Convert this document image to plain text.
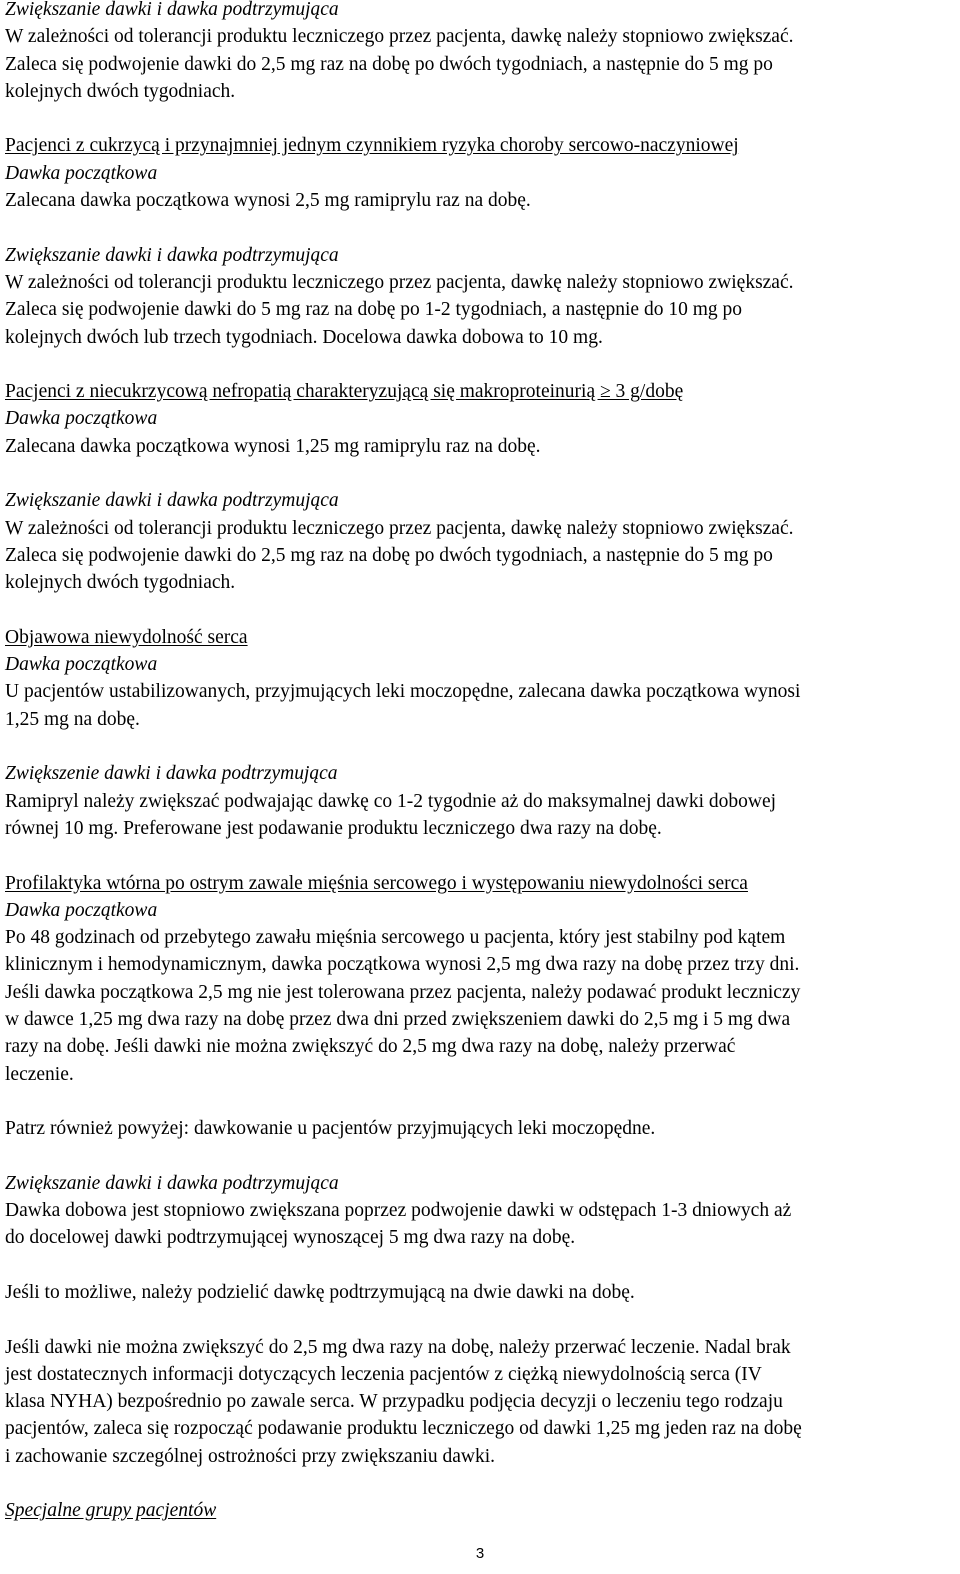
Zwiększanie dawki i dawka podtrzymująca

W zależności od tolerancji produktu leczniczego przez pacjenta, dawkę należy stopniowo zwiększać.

Zaleca się podwojenie dawki do 2,5 mg raz na dobę po dwóch tygodniach, a następnie do 5 mg po

kolejnych dwóch tygodniach.

Pacjenci z cukrzycą i przynajmniej jednym czynnikiem ryzyka choroby sercowo-naczyniowej

Dawka początkowa

Zalecana dawka początkowa wynosi 2,5 mg ramiprylu raz na dobę.

Zwiększanie dawki i dawka podtrzymująca

W zależności od tolerancji produktu leczniczego przez pacjenta, dawkę należy stopniowo zwiększać.

Zaleca się podwojenie dawki do 5 mg raz na dobę po 1-2 tygodniach, a następnie do 10 mg po

kolejnych dwóch lub trzech tygodniach. Docelowa dawka dobowa to 10 mg.

Pacjenci z niecukrzycową nefropatią charakteryzującą się makroproteinurią ≥ 3 g/dobę

Dawka początkowa

Zalecana dawka początkowa wynosi 1,25 mg ramiprylu raz na dobę.

Zwiększanie dawki i dawka podtrzymująca

W zależności od tolerancji produktu leczniczego przez pacjenta, dawkę należy stopniowo zwiększać.

Zaleca się podwojenie dawki do 2,5 mg raz na dobę po dwóch tygodniach, a następnie do 5 mg po

kolejnych dwóch tygodniach.

Objawowa niewydolność serca

Dawka początkowa

U pacjentów ustabilizowanych, przyjmujących leki moczopędne, zalecana dawka początkowa wynosi

1,25 mg na dobę.

Zwiększenie dawki i dawka podtrzymująca

Ramipryl należy zwiększać podwajając dawkę co 1-2 tygodnie aż do maksymalnej dawki dobowej

równej 10 mg. Preferowane jest podawanie produktu leczniczego dwa razy na dobę.

Profilaktyka wtórna po ostrym zawale mięśnia sercowego i występowaniu niewydolności serca

Dawka początkowa

Po 48 godzinach od przebytego zawału mięśnia sercowego u pacjenta, który jest stabilny pod kątem

klinicznym i hemodynamicznym, dawka początkowa wynosi 2,5 mg dwa razy na dobę przez trzy dni.

Jeśli dawka początkowa 2,5 mg nie jest tolerowana przez pacjenta, należy podawać produkt leczniczy

w dawce 1,25 mg dwa razy na dobę przez dwa dni przed zwiększeniem dawki do 2,5 mg i 5 mg dwa

razy na dobę. Jeśli dawki nie można zwiększyć do 2,5 mg dwa razy na dobę, należy przerwać

leczenie.

Patrz również powyżej: dawkowanie u pacjentów przyjmujących leki moczopędne.

Zwiększanie dawki i dawka podtrzymująca

Dawka dobowa jest stopniowo zwiększana poprzez podwojenie dawki w odstępach 1-3 dniowych aż

do docelowej dawki podtrzymującej wynoszącej 5 mg dwa razy na dobę.

Jeśli to możliwe, należy podzielić dawkę podtrzymującą na dwie dawki na dobę.

Jeśli dawki nie można zwiększyć do 2,5 mg dwa razy na dobę, należy przerwać leczenie. Nadal brak

jest dostatecznych informacji dotyczących leczenia pacjentów z ciężką niewydolnością serca (IV

klasa NYHA) bezpośrednio po zawale serca. W przypadku podjęcia decyzji o leczeniu tego rodzaju

pacjentów, zaleca się rozpocząć podawanie produktu leczniczego od dawki 1,25 mg jeden raz na dobę

i zachowanie szczególnej ostrożności przy zwiększaniu dawki.

Specjalne grupy pacjentów

3
